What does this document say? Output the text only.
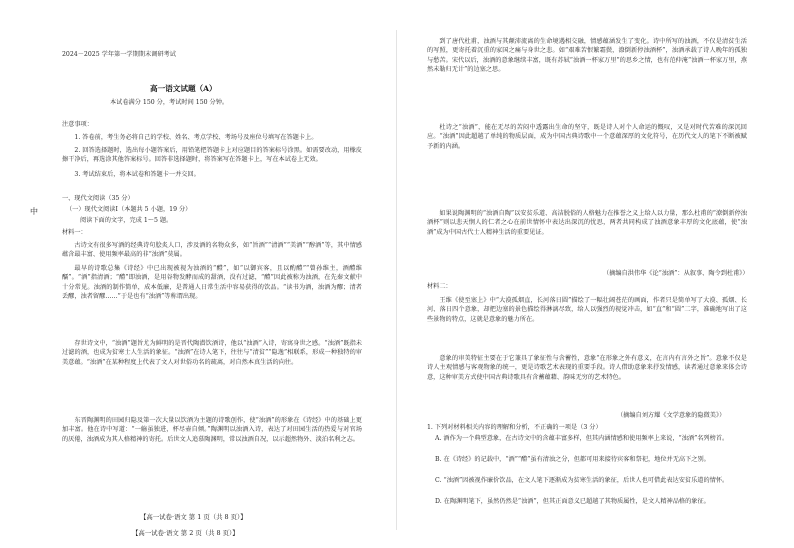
2024－2025 学年第一学期期末调研考试
高一语文试题（A）
本试卷满分 150 分，考试时间 150 分钟。
注意事项：
1. 答卷前，考生务必将自己的学校、姓名、考点学校、考场号及座位号填写在答题卡上。
2. 回答选择题时，选出每小题答案后，用铅笔把答题卡上对应题目的答案标号涂黑。如需要改动，用橡皮擦干净后，再选涂其他答案标号。回答非选择题时，将答案写在答题卡上，写在本试卷上无效。
3. 考试结束后，将本试卷和答题卡一并交回。
一、现代文阅读（35 分）
（一）现代文阅读Ⅰ（本题共 5 小题，19 分）
阅读下面的文字，完成 1～5 题。
材料一：
中
古诗文有很多写酒的经典诗句脍炙人口，涉及酒的名物众多，如“旨酒”“清酒”“美酒”“醇酒”等，其中情感蕴含最丰富、使用频率最高的非“浊酒”莫属。
最早的诗歌总集《诗经》中已出现被视为浊酒的“醴”，如“以御宾客，且以酌醴”“曾孙维主，酒醴维醹”。“酒”指清酒；“醴”即浊酒，是用谷物发酵而成的甜酒，没有过滤，“醴”因此被称为浊酒，在先秦文献中十分常见。浊酒的制作简单，成本低廉，是普通人日常生活中容易获得的饮品。“读书为酒，浊酒为醪；清者丢醪，浊者留醪……”于是也有“浊酒”等称谓出现。
存世诗文中，“浊酒”题旨尤为鲜明的是晋代陶潜饮酒诗，他以“浊酒”入诗，寄寓身世之感。“浊酒”既指未过滤的酒，也成为贫寒士人生活的象征。“浊酒”在诗人笔下，往往与“清贫”“隐逸”相联系，形成一种独特的审美意蕴。“浊酒”在某种程度上代表了文人对世俗功名的疏离，对自然本真生活的向往。
东晋陶渊明的田园归隐及第一次大量以饮酒为主题的诗歌创作，使“浊酒”的形象在《诗经》中的基础上更加丰富。他在诗中写道：“一觞虽独进，杯尽壶自倾。”陶渊明以浊酒入诗，表达了对田园生活的热爱与对官场的厌倦，浊酒成为其人格精神的寄托。后世文人追慕陶渊明，常以浊酒自况，以示超然物外、淡泊名利之志。
【高一试卷·语文 第 1 页（共 8 页）】
到了唐代杜甫，浊酒与其颠沛流离的生命境遇相交融，情感蕴涵发生了变化。诗中所写的浊酒，不仅是清贫生活的写照，更寄托着沉重的家国之痛与身世之悲。如“艰难苦恨繁霜鬓，潦倒新停浊酒杯”，浊酒承载了诗人晚年的孤独与愁苦。宋代以后，浊酒的意象继续丰富，既有苏轼“浊酒一杯家万里”的思乡之情，也有范仲淹“浊酒一杯家万里，燕然未勒归无计”的边塞之思。
杜诗之“浊酒”，能在无尽的苦闷中透露出生命的坚守，既是诗人对个人命运的慨叹，又是对时代苦难的深沉回应。“浊酒”因此超越了单纯的物质层面，成为中国古典诗歌中一个意蕴深厚的文化符号，在历代文人的笔下不断被赋予新的内涵。
如果说陶渊明的“浊酒自陶”以安贫乐道、高洁脱俗的人格魅力在推誉之义上给人以力量，那么杜甫的“潦倒新停浊酒杯”则以悲天悯人的仁者之心在前世情怀中表达出深沉的忧思，两者共同构成了浊酒意象丰厚的文化底蕴，使“浊酒”成为中国古代士人精神生活的重要见证。
（摘编自洪伟华《论“浊酒”：从叙事、陶令到杜甫》）
材料二：
王维《使至塞上》中“大漠孤烟直，长河落日圆”描绘了一幅壮阔苍茫的画面，作者只是简单写了大漠、孤烟、长河、落日四个意象，却把边塞的景色描绘得淋漓尽致，给人以强烈的视觉冲击，如“直”和“圆”二字，准确地写出了这些景物的特点，这就是意象的魅力所在。
意象的审美特征主要在于它兼具了象征性与含蓄性，意象“在形象之外有意义，在言内有言外之旨”。意象不仅是诗人主观情感与客观物象的统一，更是诗歌艺术表现的重要手段。诗人借助意象来抒发情感，读者通过意象来体会诗意，这种审美方式使中国古典诗歌具有含蓄蕴藉、韵味无穷的艺术特色。
（摘编自刘方耀《文学意象的隐微美》）
1. 下列对材料相关内容的理解和分析，不正确的一项是（3 分）
A. 酒作为一个典型意象，在古诗文中的含蕴丰富多样，但其内涵情感和使用频率上来说，“浊酒”名列榜首。
B. 在《诗经》的记载中，“酒”“醴”虽有清浊之分，但都可用来接待宾客和祭祀，地位并无高下之别。
C. “浊酒”因被视作廉价饮品，在文人笔下逐渐成为贫寒生活的象征，后世人也可借此表达安贫乐道的情怀。
D. 在陶渊明笔下，虽然仍然是“浊酒”，但其正面意义已超越了其物质属性，是文人精神品格的象征。
【高一试卷·语文 第 2 页（共 8 页）】
